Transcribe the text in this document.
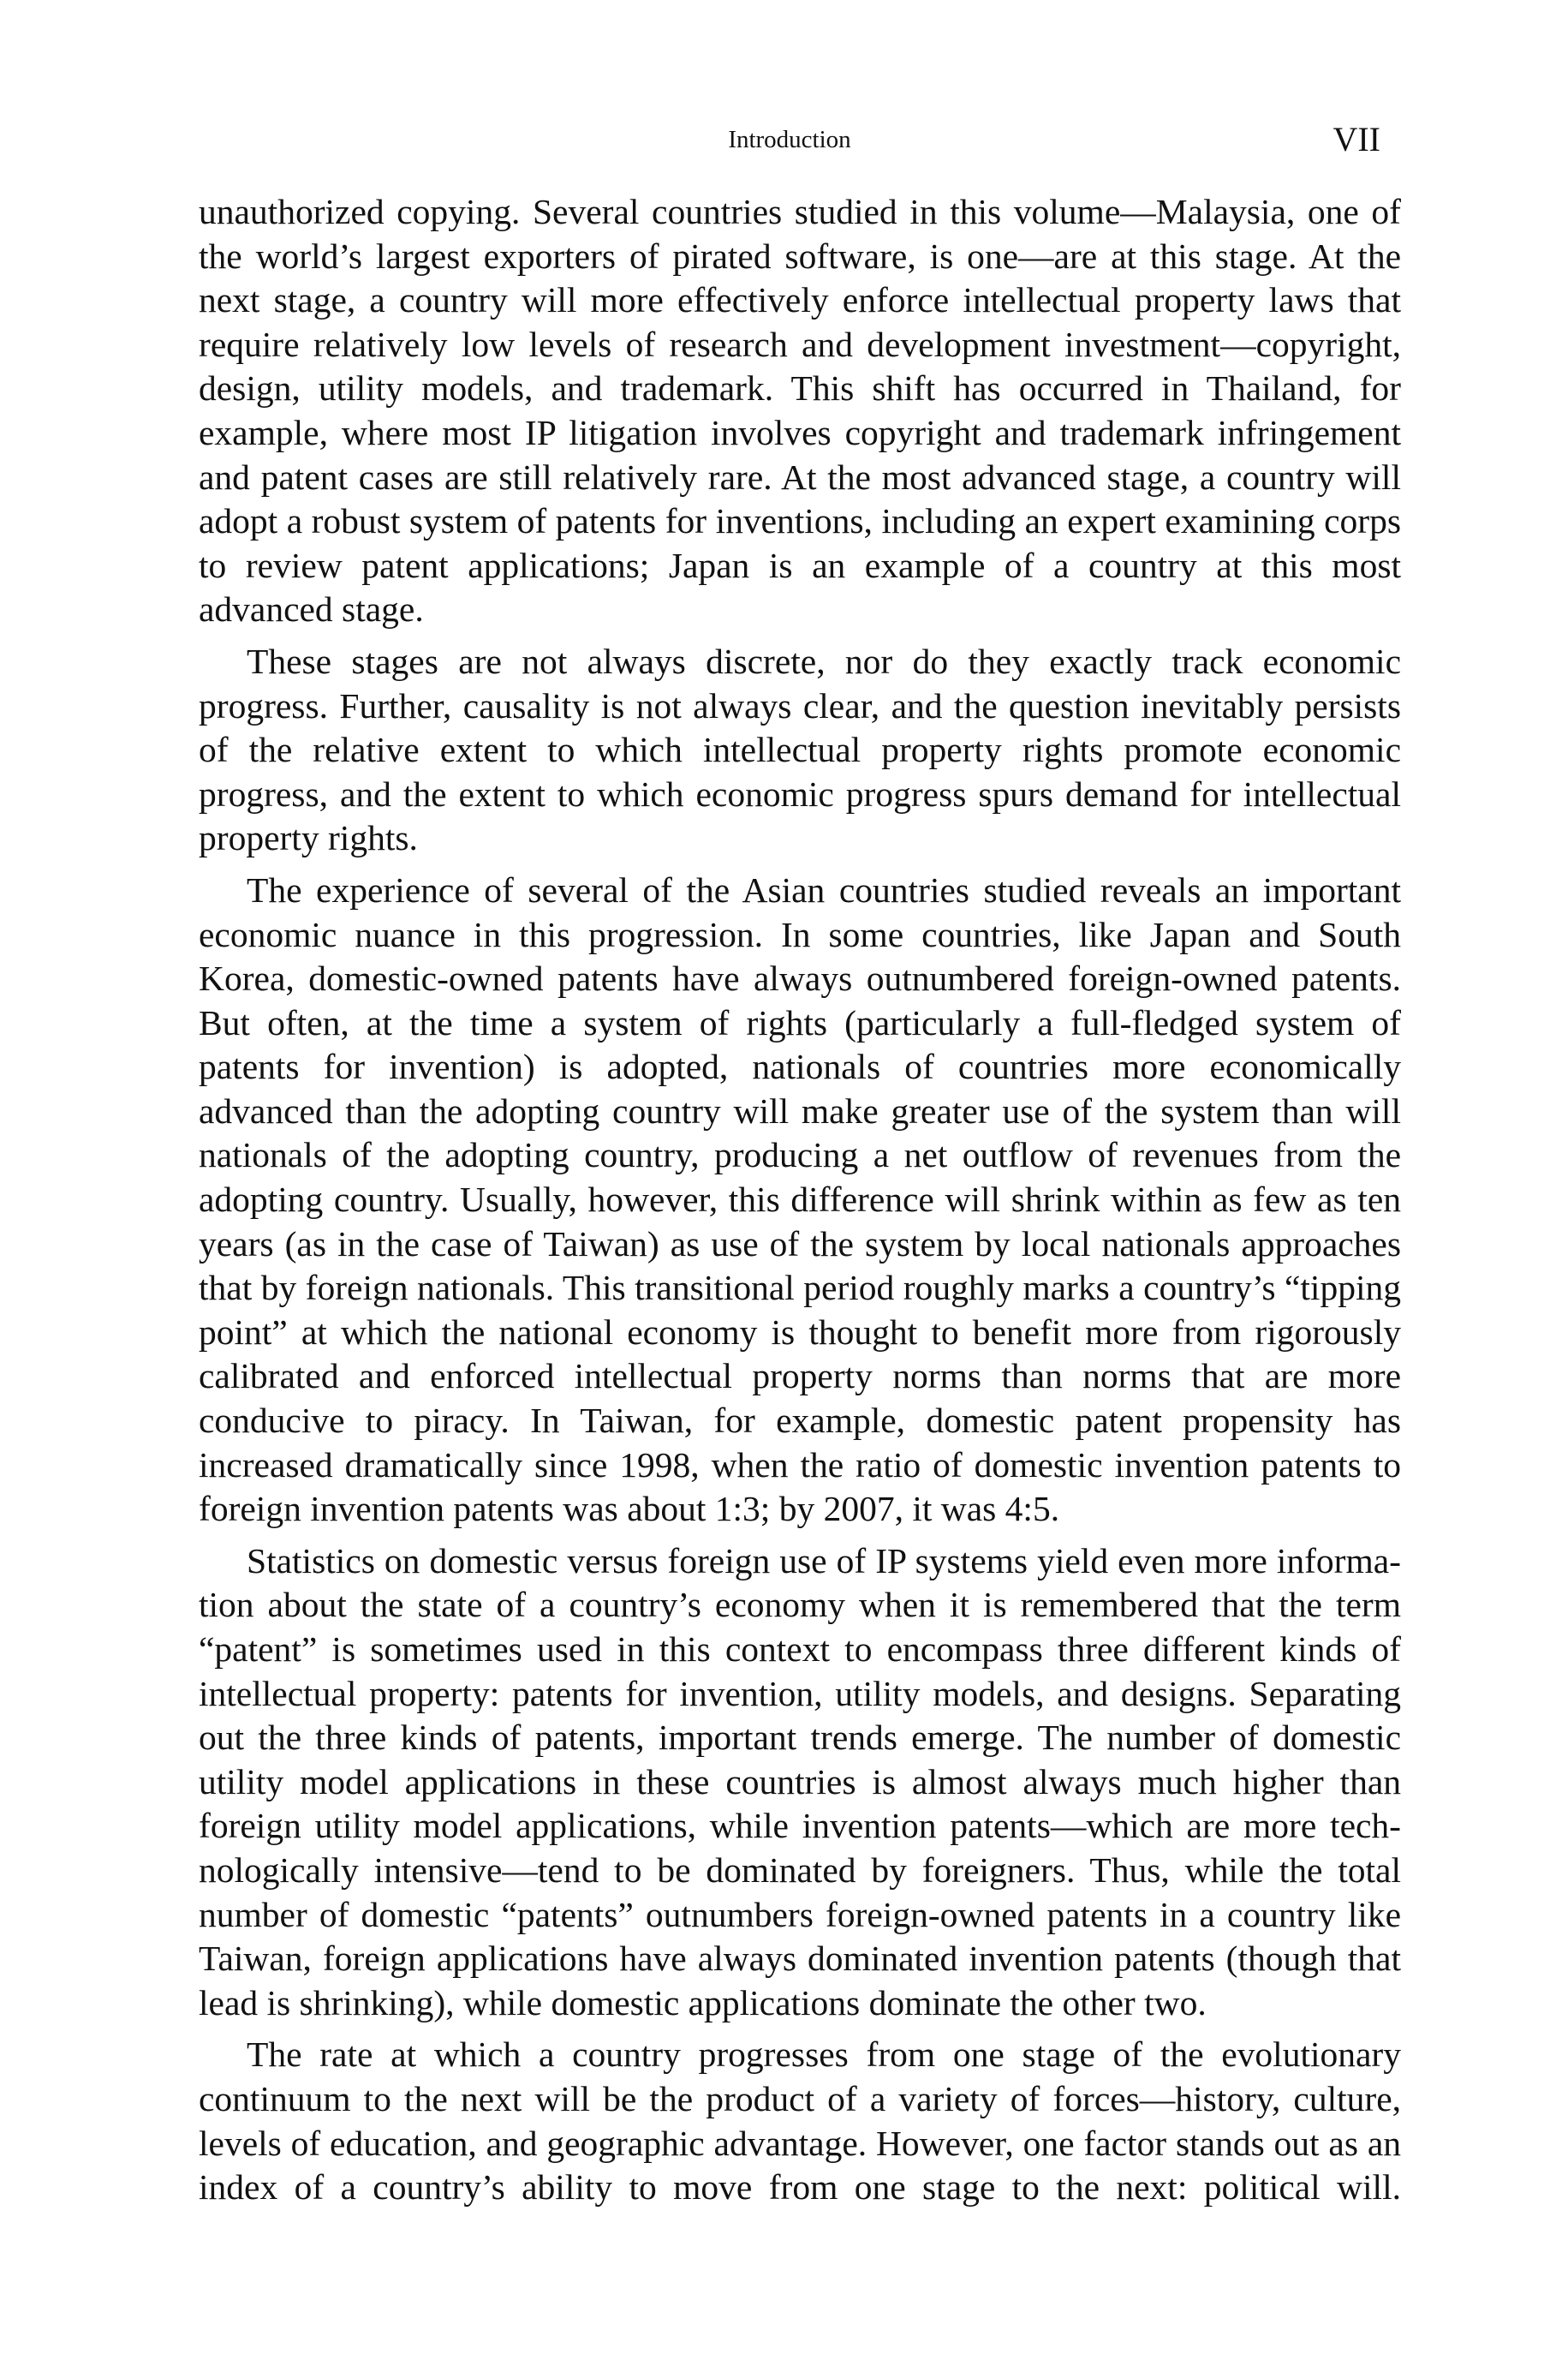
Introduction	VII

unauthorized copying. Several countries studied in this volume—Malaysia, one of the world’s largest exporters of pirated software, is one—are at this stage. At the next stage, a country will more effectively enforce intellectual property laws that require relatively low levels of research and development investment—copyright, design, utility models, and trademark. This shift has occurred in Thailand, for example, where most IP litigation involves copyright and trademark infringement and patent cases are still relatively rare. At the most advanced stage, a country will adopt a robust system of patents for inventions, including an expert examining corps to review patent applications; Japan is an example of a country at this most advanced stage.

These stages are not always discrete, nor do they exactly track economic progress. Further, causality is not always clear, and the question inevitably persists of the relative extent to which intellectual property rights promote economic progress, and the extent to which economic progress spurs demand for intellectual property rights.

The experience of several of the Asian countries studied reveals an important economic nuance in this progression. In some countries, like Japan and South Korea, domestic-owned patents have always outnumbered foreign-owned patents. But often, at the time a system of rights (particularly a full-fledged system of patents for invention) is adopted, nationals of countries more economically advanced than the adopting country will make greater use of the system than will nationals of the adopting country, producing a net outflow of revenues from the adopting country. Usually, however, this difference will shrink within as few as ten years (as in the case of Taiwan) as use of the system by local nationals approaches that by foreign nationals. This transitional period roughly marks a country’s “tipping point” at which the national economy is thought to benefit more from rigorously calibrated and enforced intellectual property norms than norms that are more conducive to piracy. In Taiwan, for example, domestic patent propensity has increased dramatically since 1998, when the ratio of domestic invention patents to foreign invention patents was about 1:3; by 2007, it was 4:5.

Statistics on domestic versus foreign use of IP systems yield even more information about the state of a country’s economy when it is remembered that the term “patent” is sometimes used in this context to encompass three different kinds of intellectual property: patents for invention, utility models, and designs. Separating out the three kinds of patents, important trends emerge. The number of domestic utility model applications in these countries is almost always much higher than foreign utility model applications, while invention patents—which are more technologically intensive—tend to be dominated by foreigners. Thus, while the total number of domestic “patents” outnumbers foreign-owned patents in a country like Taiwan, foreign applications have always dominated invention patents (though that lead is shrinking), while domestic applications dominate the other two.

The rate at which a country progresses from one stage of the evolutionary continuum to the next will be the product of a variety of forces—history, culture, levels of education, and geographic advantage. However, one factor stands out as an index of a country’s ability to move from one stage to the next: political will.
